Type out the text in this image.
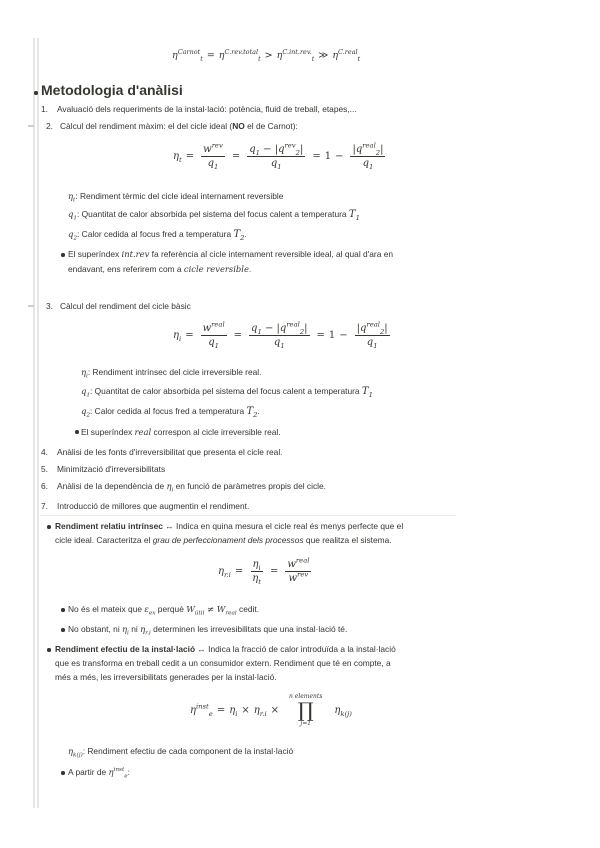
$\eta^{Carnot}_t = \eta^{C.rev.total}_t > \eta^{C.int.rev.}_t$ ≫ $\eta^{C.real}_t$
Metodologia d'anàlisi
1. Avaluació dels requeriments de la instal·lació: potència, fluid de treball, etapes,...
2. Càlcul del rendiment màxim: el del cicle ideal (NO el de Carnot):
$\eta_t = \frac{w^{rev}}{q_1} = \frac{q_1 - |q^{rev}_2|}{q_1} = 1 - \frac{|q^{real}_2|}{q_1}$
$\eta_t$: Rendiment tèrmic del cicle ideal internament reversible
$q_1$: Quantitat de calor absorbida pel sistema del focus calent a temperatura $T_1$
$q_2$: Calor cedida al focus fred a temperatura $T_2$.
El superíndex int.rev fa referència al cicle internament reversible ideal, al qual d'ara en
endavant, ens referirem com a cicle reversible.
3. Càlcul del rendiment del cicle bàsic
$\eta_i = \frac{w^{real}}{q_1} = \frac{q_1 - |q^{real}_2|}{q_1} = 1 - \frac{|q^{real}_2|}{q_1}$
$\eta_i$: Rendiment intrínsec del cicle irreversible real.
$q_1$: Quantitat de calor absorbida pel sistema del focus calent a temperatura $T_1$
$q_2$: Calor cedida al focus fred a temperatura $T_2$.
El superíndex real correspon al cicle irreversible real.
4. Anàlisi de les fonts d'irreversibilitat que presenta el cicle real.
5. Minimització d'irreversibilitats
6. Anàlisi de la dependència de $\eta_i$ en funció de paràmetres propis del cicle.
7. Introducció de millores que augmentin el rendiment.
Rendiment relatiu intrínsec ↔ Indica en quina mesura el cicle real és menys perfecte que el
cicle ideal. Caracteritza el grau de perfeccionament dels processos que realitza el sistema.
$\eta_{r.i} = \frac{\eta_i}{\eta_t} = \frac{w^{real}}{w^{rev}}$
No és el mateix que $\varepsilon_{ex}$ perquè $W_{útil} \ne W_{real}$ cedit.
No obstant, ni $\eta_i$ ni $\eta_{r.i}$ determinen les irrevesibilitats que una instal·lació té.
Rendiment efectiu de la instal·lació ↔ Indica la fracció de calor introduïda a la instal·lació
que es transforma en treball cedit a un consumidor extern. Rendiment que té en compte, a
més a més, les irreversibilitats generades per la instal·lació.
$\eta^{inst}_e = \eta_i \times \eta_{r.i}$ ×
n elements
∏
j=1
$\eta_{k(j)}$
$\eta_{k(j)}$: Rendiment efectiu de cada component de la instal·lació
A partir de $\eta^{inst}_e$:
